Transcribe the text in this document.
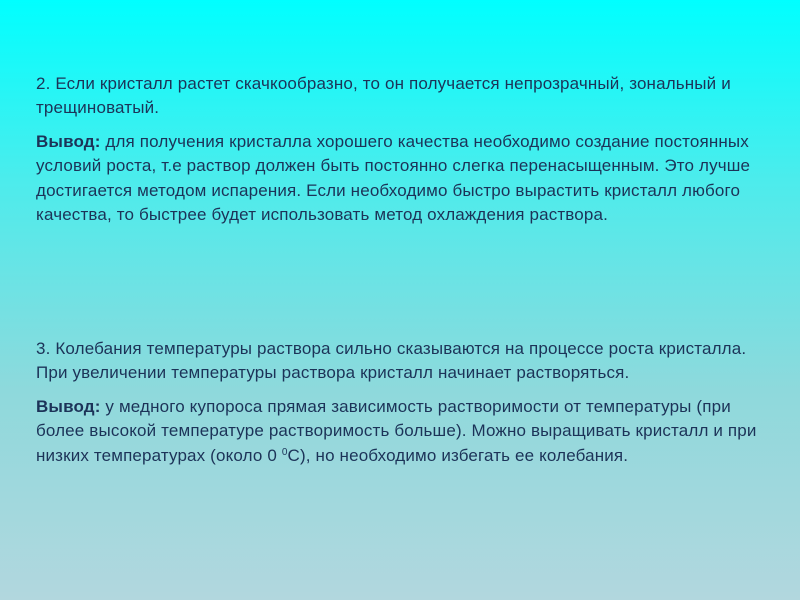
2. Если кристалл растет скачкообразно, то он получается непрозрачный, зональный и трещиноватый.

Вывод: для получения кристалла хорошего качества необходимо создание постоянных условий роста, т.е раствор должен быть постоянно слегка перенасыщенным. Это лучше достигается методом испарения. Если необходимо быстро вырастить кристалл любого качества, то быстрее будет использовать метод охлаждения раствора.

3. Колебания температуры раствора сильно сказываются на процессе роста кристалла. При увеличении температуры раствора кристалл начинает растворяться.

Вывод: у медного купороса прямая зависимость растворимости от температуры (при более высокой температуре растворимость больше). Можно выращивать кристалл и при низких температурах (около 0 $^0$С), но необходимо избегать ее колебания.
